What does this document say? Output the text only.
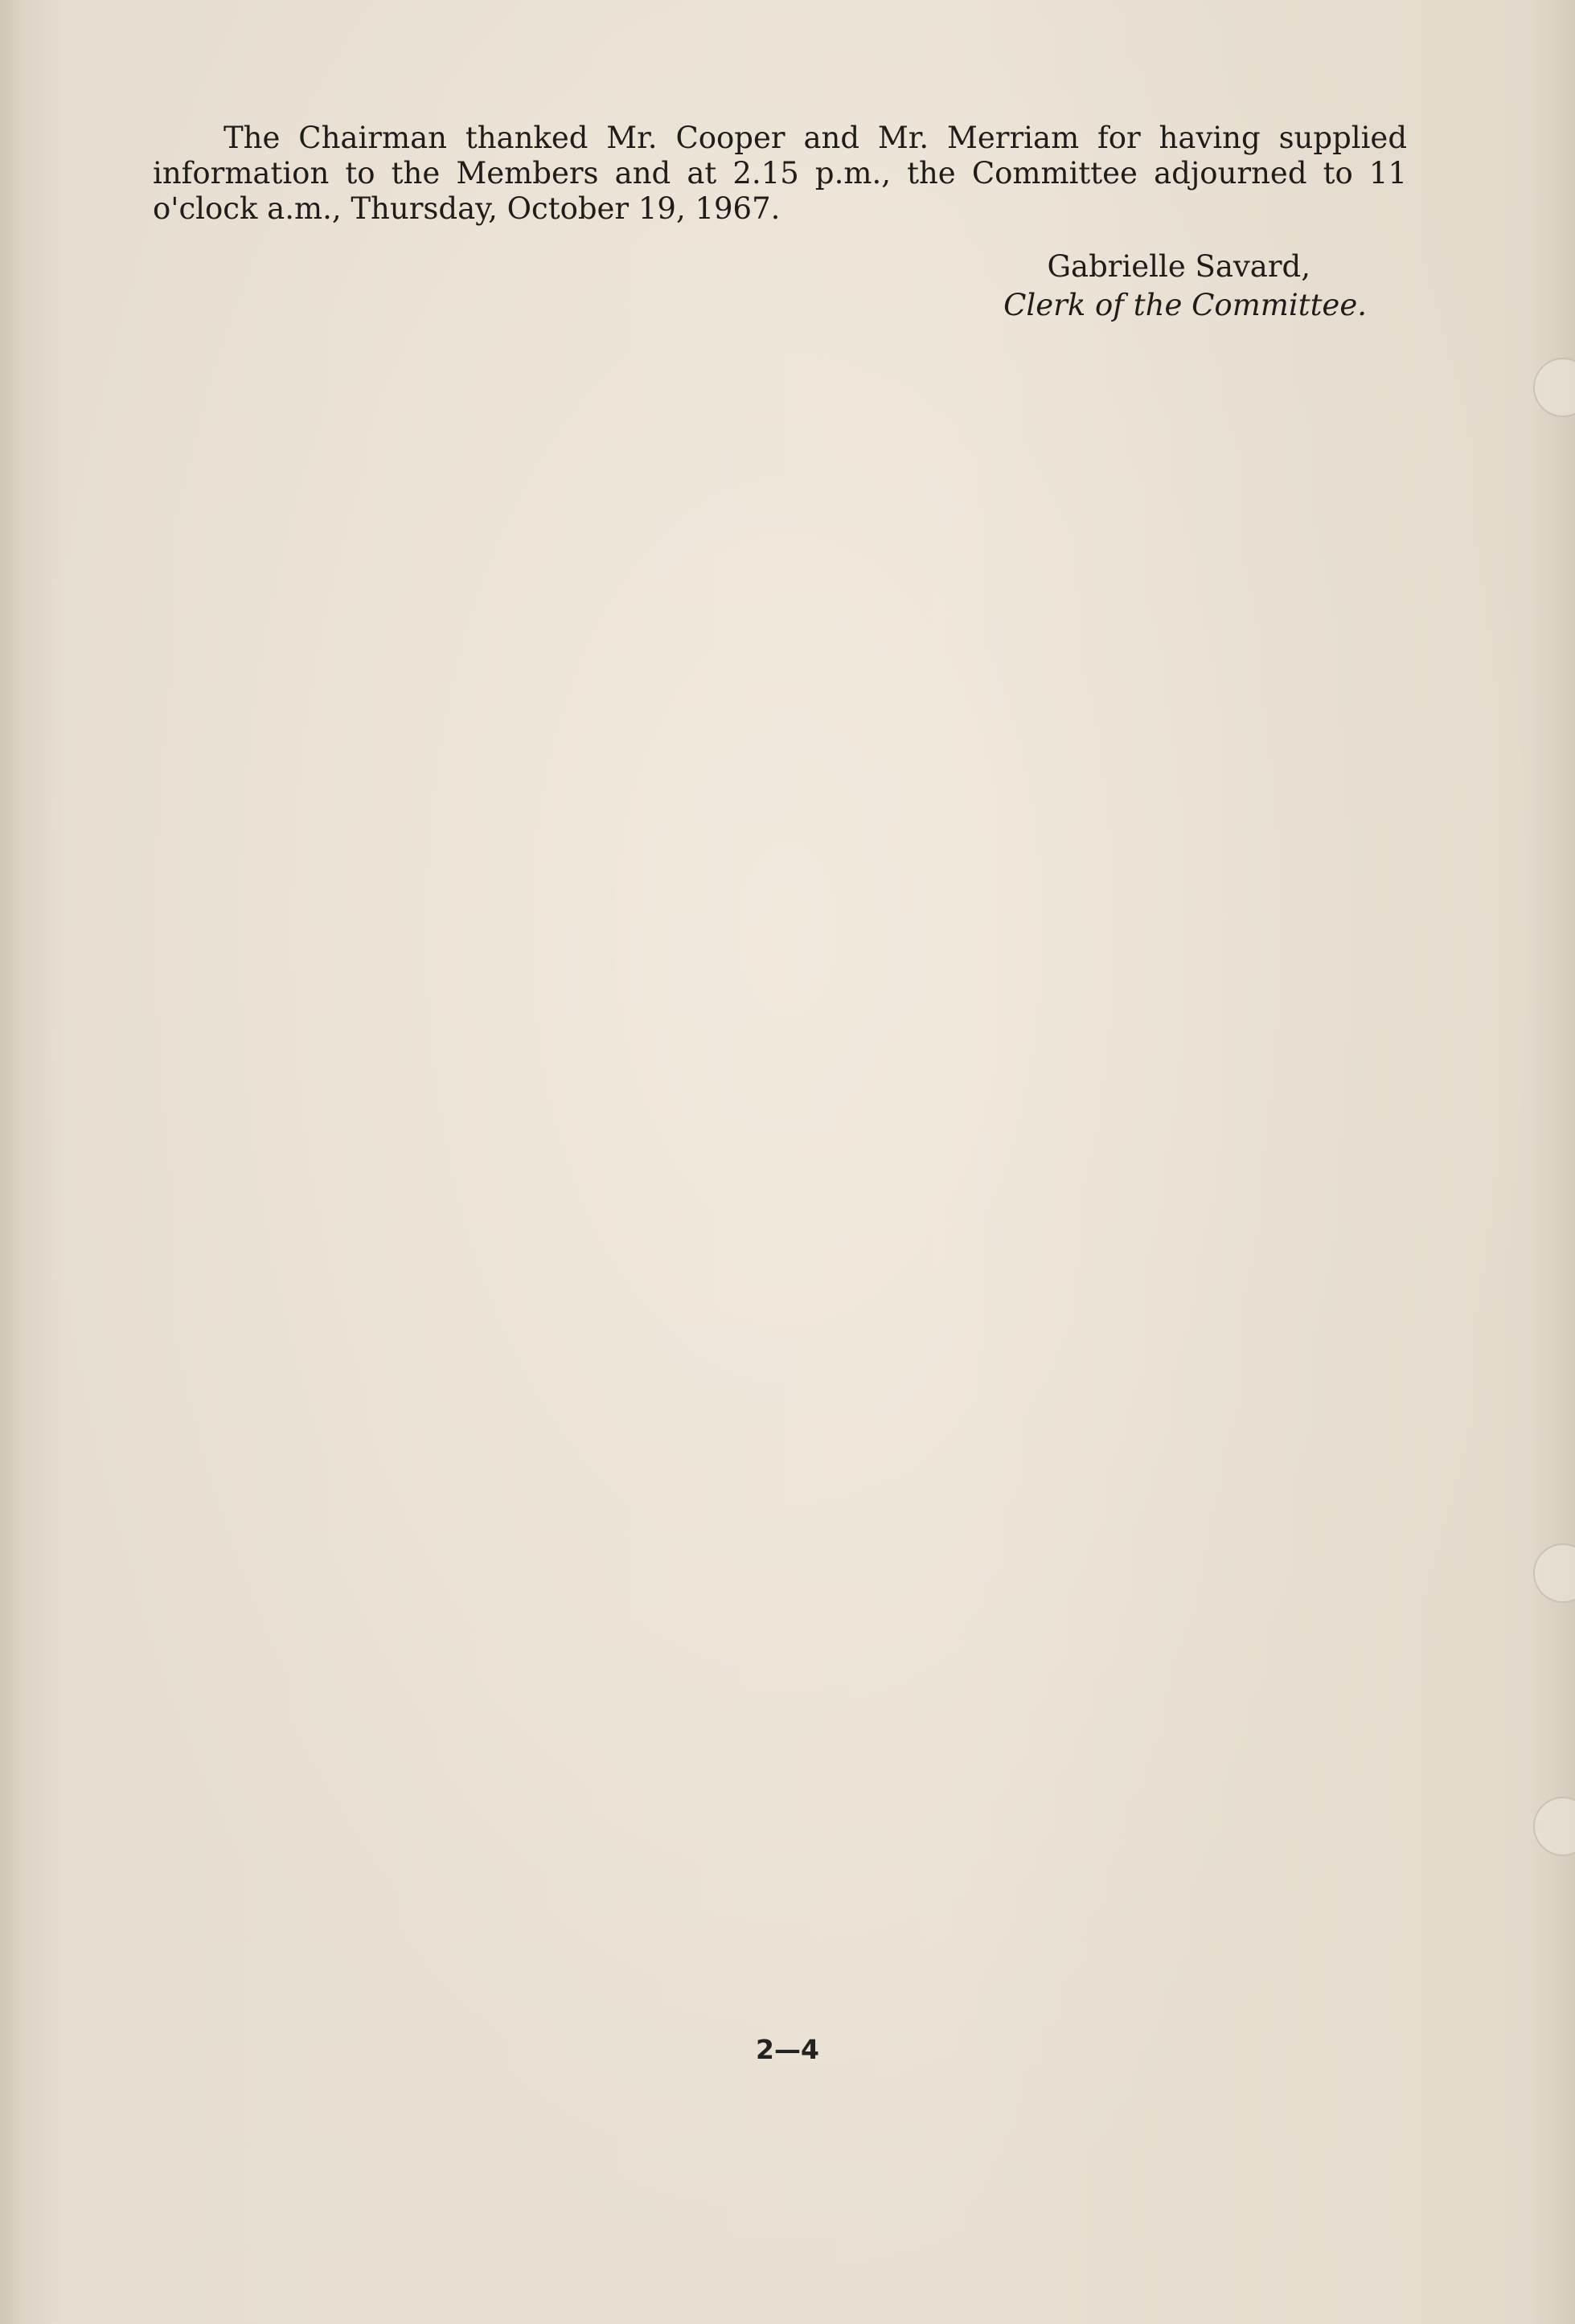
The Chairman thanked Mr. Cooper and Mr. Merriam for having supplied information to the Members and at 2.15 p.m., the Committee adjourned to 11 o'clock a.m., Thursday, October 19, 1967.

Gabrielle Savard,
Clerk of the Committee.
2—4
